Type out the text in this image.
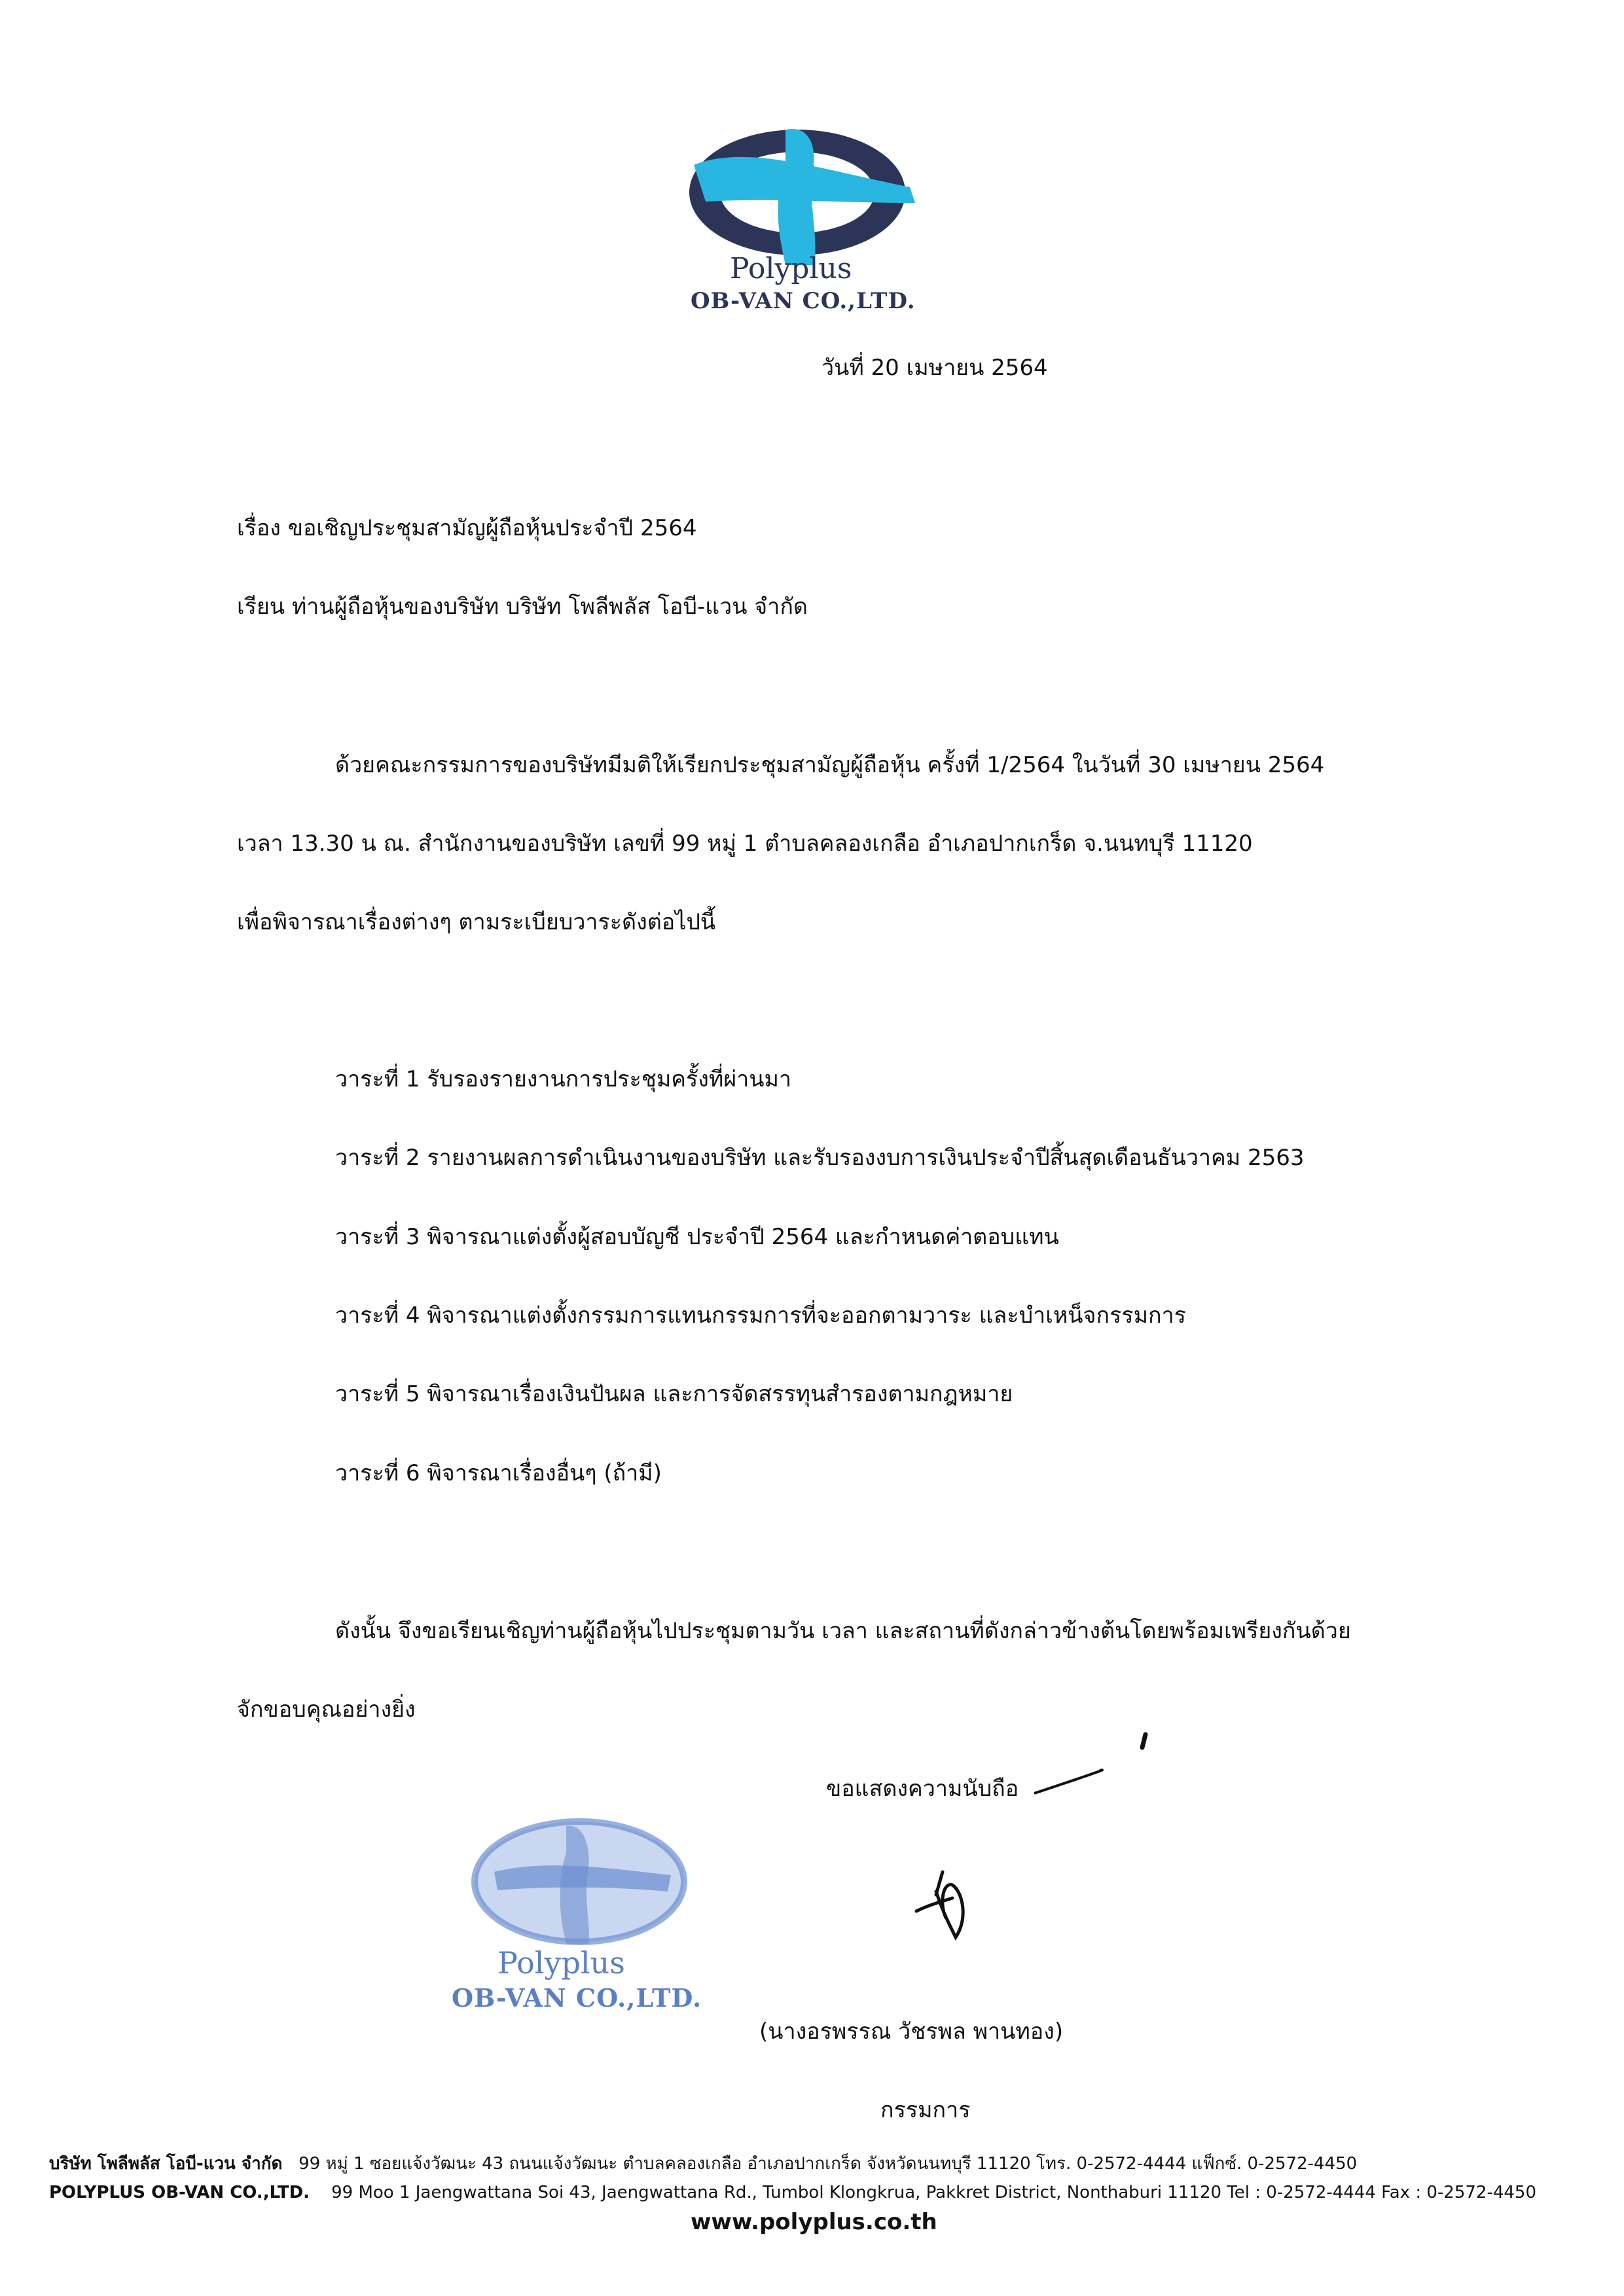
Polyplus
OB-VAN CO.,LTD.
วันที่ 20 เมษายน 2564
เรื่อง ขอเชิญประชุมสามัญผู้ถือหุ้นประจำปี 2564
เรียน ท่านผู้ถือหุ้นของบริษัท บริษัท โพลีพลัส โอบี-แวน จำกัด
ด้วยคณะกรรมการของบริษัทมีมติให้เรียกประชุมสามัญผู้ถือหุ้น ครั้งที่ 1/2564 ในวันที่ 30 เมษายน 2564
เวลา 13.30 น ณ. สำนักงานของบริษัท เลขที่ 99 หมู่ 1 ตำบลคลองเกลือ อำเภอปากเกร็ด จ.นนทบุรี 11120
เพื่อพิจารณาเรื่องต่างๆ ตามระเบียบวาระดังต่อไปนี้
วาระที่ 1 รับรองรายงานการประชุมครั้งที่ผ่านมา
วาระที่ 2 รายงานผลการดำเนินงานของบริษัท และรับรองงบการเงินประจำปีสิ้นสุดเดือนธันวาคม 2563
วาระที่ 3 พิจารณาแต่งตั้งผู้สอบบัญชี ประจำปี 2564 และกำหนดค่าตอบแทน
วาระที่ 4 พิจารณาแต่งตั้งกรรมการแทนกรรมการที่จะออกตามวาระ และบำเหน็จกรรมการ
วาระที่ 5 พิจารณาเรื่องเงินปันผล และการจัดสรรทุนสำรองตามกฎหมาย
วาระที่ 6 พิจารณาเรื่องอื่นๆ (ถ้ามี)
ดังนั้น จึงขอเรียนเชิญท่านผู้ถือหุ้นไปประชุมตามวัน เวลา และสถานที่ดังกล่าวข้างต้นโดยพร้อมเพรียงกันด้วย
จักขอบคุณอย่างยิ่ง
ขอแสดงความนับถือ
Polyplus
OB-VAN CO.,LTD.
(นางอรพรรณ วัชรพล พานทอง)
กรรมการ
บริษัท โพลีพลัส โอบี-แวน จำกัด 99 หมู่ 1 ซอยแจ้งวัฒนะ 43 ถนนแจ้งวัฒนะ ตำบลคลองเกลือ อำเภอปากเกร็ด จังหวัดนนทบุรี 11120 โทร. 0-2572-4444 แฟ็กซ์. 0-2572-4450
POLYPLUS OB-VAN CO.,LTD. 99 Moo 1 Jaengwattana Soi 43, Jaengwattana Rd., Tumbol Klongkrua, Pakkret District, Nonthaburi 11120 Tel : 0-2572-4444 Fax : 0-2572-4450
www.polyplus.co.th
